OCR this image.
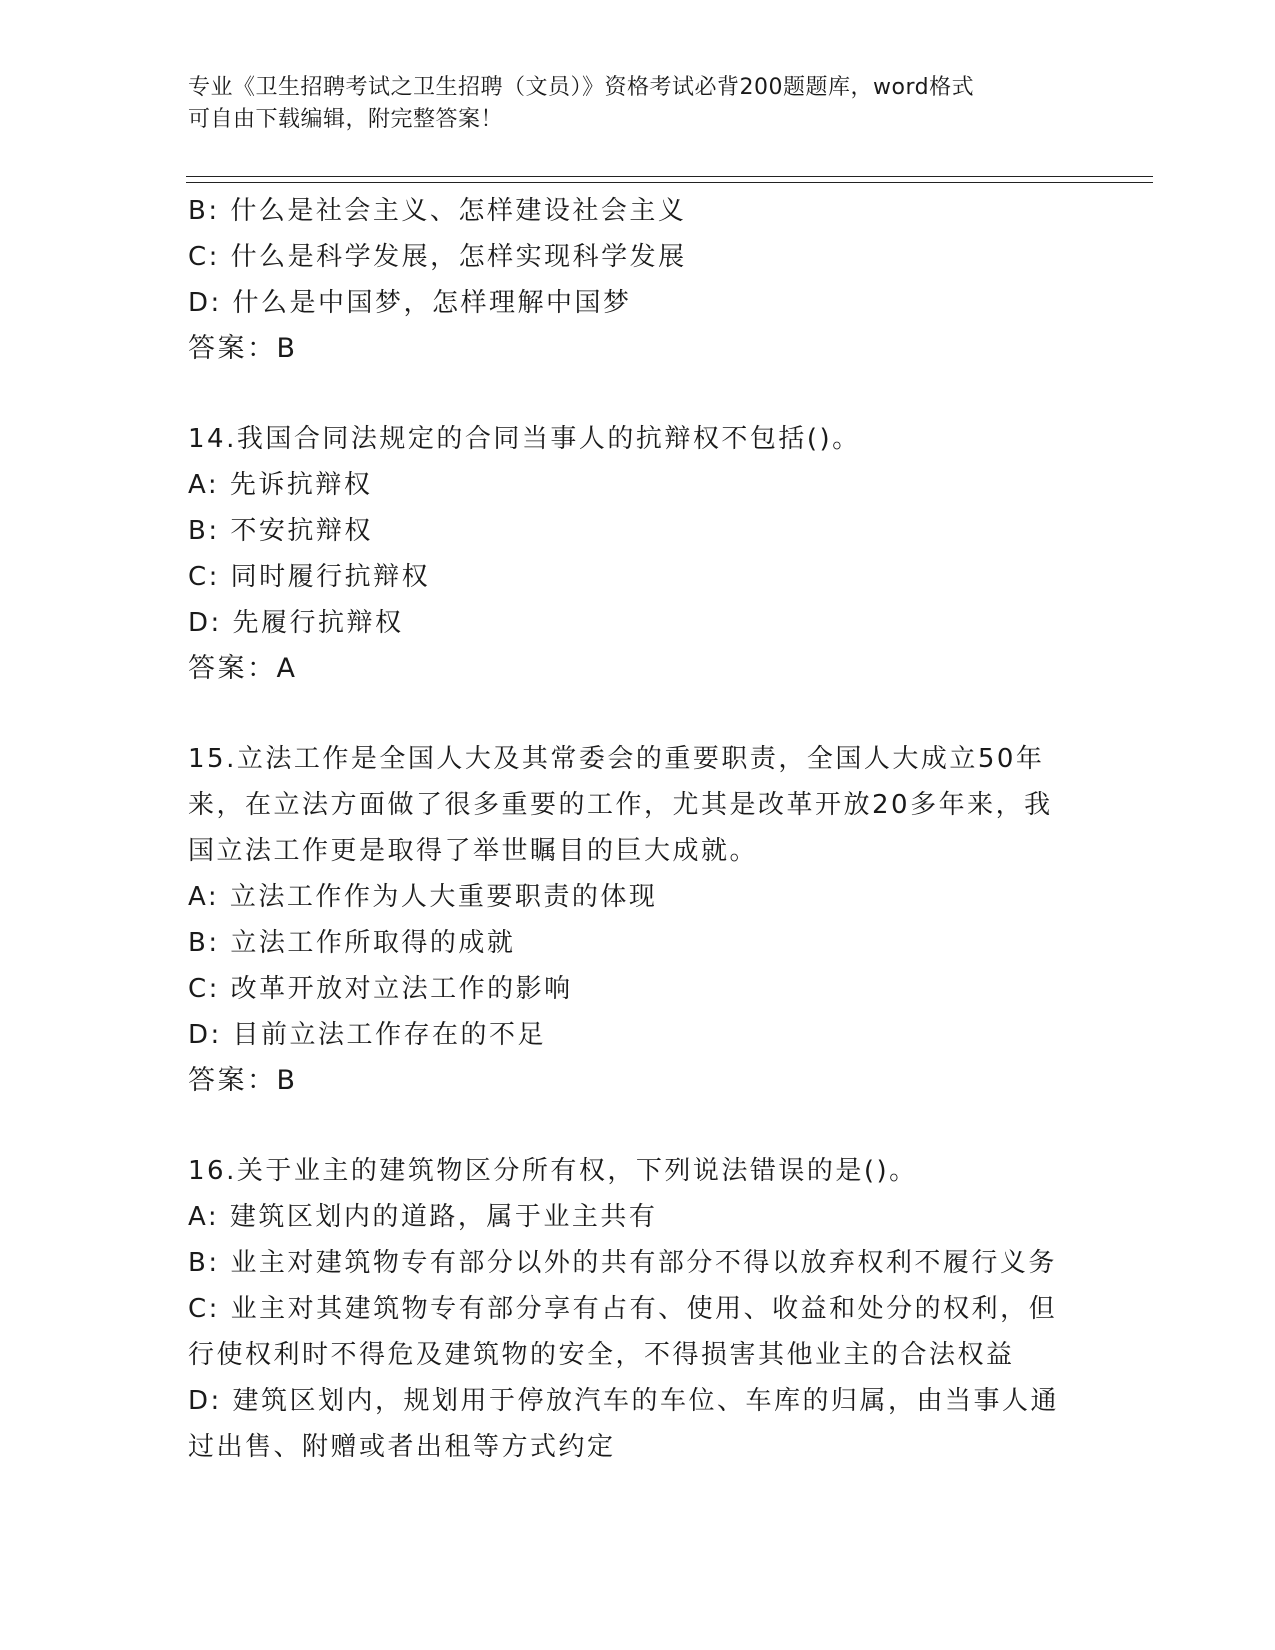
专业《卫生招聘考试之卫生招聘（文员）》资格考试必背200题题库，word格式
可自由下载编辑，附完整答案！
B: 什么是社会主义、怎样建设社会主义
C: 什么是科学发展，怎样实现科学发展
D: 什么是中国梦，怎样理解中国梦
答案：B
14.我国合同法规定的合同当事人的抗辩权不包括()。
A: 先诉抗辩权
B: 不安抗辩权
C: 同时履行抗辩权
D: 先履行抗辩权
答案：A
15.立法工作是全国人大及其常委会的重要职责，全国人大成立50年
来，在立法方面做了很多重要的工作，尤其是改革开放20多年来，我
国立法工作更是取得了举世瞩目的巨大成就。
A: 立法工作作为人大重要职责的体现
B: 立法工作所取得的成就
C: 改革开放对立法工作的影响
D: 目前立法工作存在的不足
答案：B
16.关于业主的建筑物区分所有权，下列说法错误的是()。
A: 建筑区划内的道路，属于业主共有
B: 业主对建筑物专有部分以外的共有部分不得以放弃权利不履行义务
C: 业主对其建筑物专有部分享有占有、使用、收益和处分的权利，但
行使权利时不得危及建筑物的安全，不得损害其他业主的合法权益
D: 建筑区划内，规划用于停放汽车的车位、车库的归属，由当事人通
过出售、附赠或者出租等方式约定
